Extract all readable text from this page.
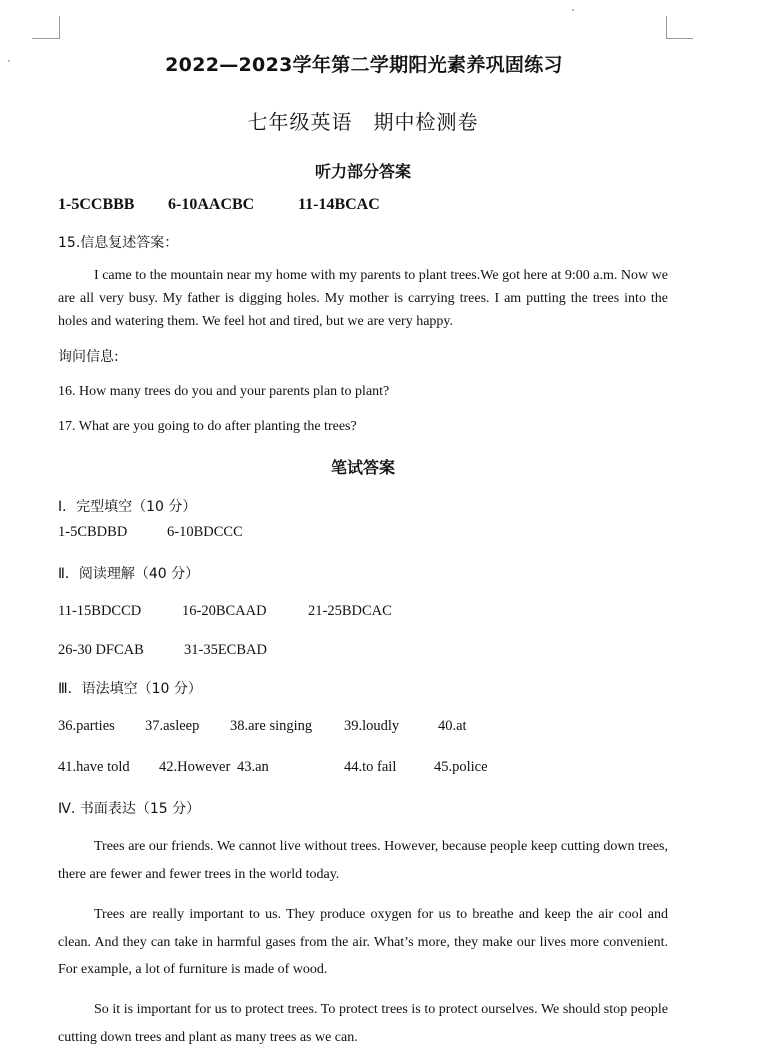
2022—2023学年第二学期阳光素养巩固练习
七年级英语　期中检测卷
听力部分答案
1-5CCBBB 6-10AACBC	11-14BCAC
15.信息复述答案：
I came to the mountain near my home with my parents to plant trees.We got here at 9:00 a.m. Now we are all very busy. My father is digging holes. My mother is carrying trees. I am putting the trees into the holes and watering them. We feel hot and tired, but we are very happy.
询问信息:
16. How many trees do you and your parents plan to plant?
17. What are you going to do after planting the trees?
笔试答案
Ⅰ．完型填空（10 分）
1-5CBDBD	6-10BDCCC
Ⅱ．阅读理解（40 分）
11-15BDCCD	16-20BCAAD	21-25BDCAC
26-30 DFCAB	31-35ECBAD
Ⅲ．语法填空（10 分）
36.parties 37.asleep 38.are singing 39.loudly	40.at
41.have told 42.However 43.an	44.to fail	45.police
Ⅳ. 书面表达（15 分）
Trees are our friends. We cannot live without trees. However, because people keep cutting down trees, there are fewer and fewer trees in the world today.
Trees are really important to us. They produce oxygen for us to breathe and keep the air cool and clean. And they can take in harmful gases from the air. What’s more, they make our lives more convenient. For example, a lot of furniture is made of wood.
So it is important for us to protect trees. To protect trees is to protect ourselves. We should stop people cutting down trees and plant as many trees as we can.
